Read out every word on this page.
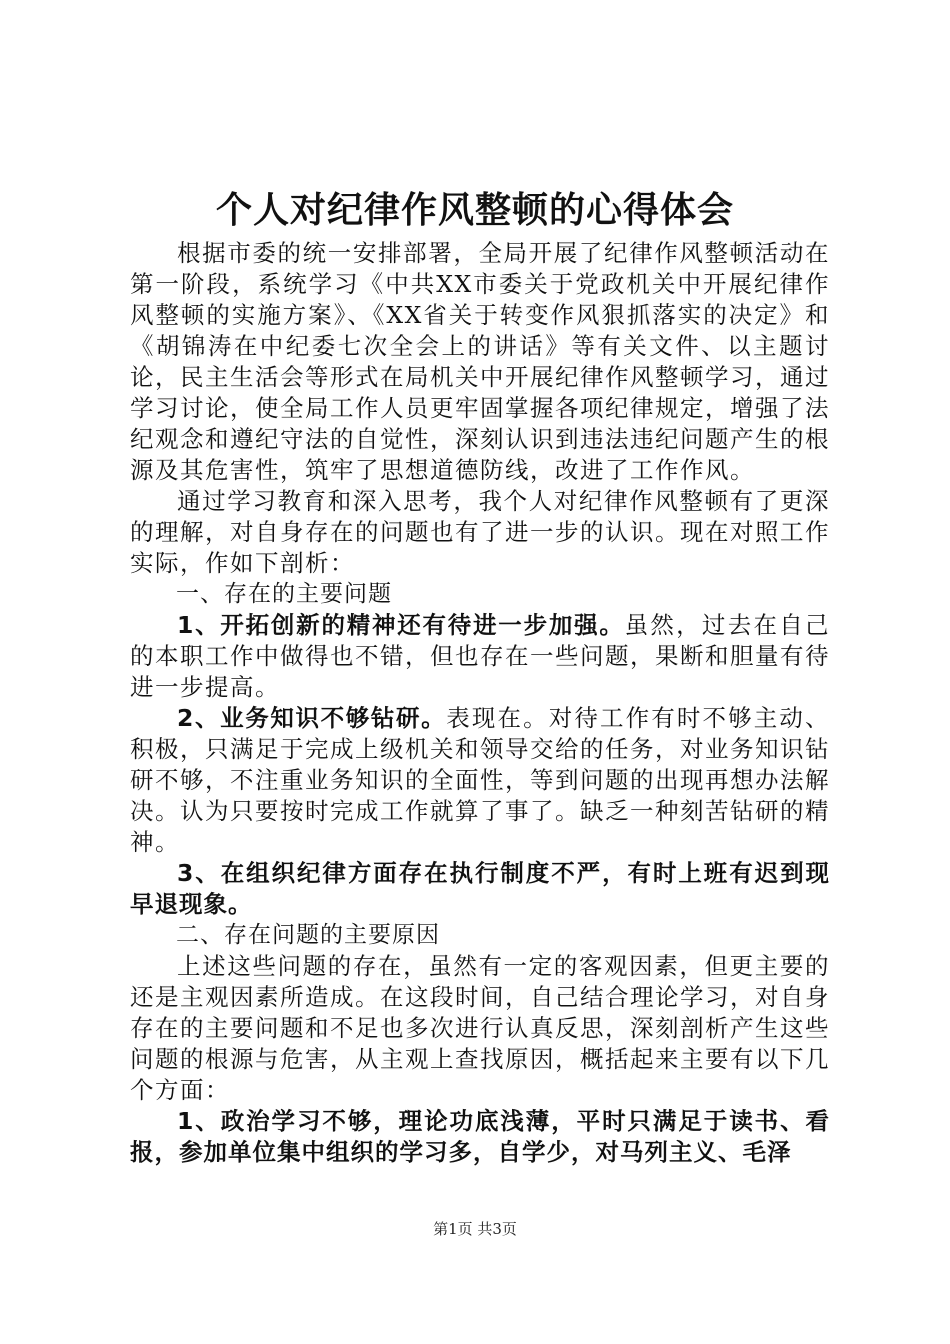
个人对纪律作风整顿的心得体会

根据市委的统一安排部署，全局开展了纪律作风整顿活动在第一阶段，系统学习《中共XX市委关于党政机关中开展纪律作风整顿的实施方案》、《XX省关于转变作风狠抓落实的决定》和《胡锦涛在中纪委七次全会上的讲话》等有关文件、以主题讨论，民主生活会等形式在局机关中开展纪律作风整顿学习，通过学习讨论，使全局工作人员更牢固掌握各项纪律规定，增强了法纪观念和遵纪守法的自觉性，深刻认识到违法违纪问题产生的根源及其危害性，筑牢了思想道德防线，改进了工作作风。

通过学习教育和深入思考，我个人对纪律作风整顿有了更深的理解，对自身存在的问题也有了进一步的认识。现在对照工作实际，作如下剖析：

一、存在的主要问题

1、开拓创新的精神还有待进一步加强。虽然，过去在自己的本职工作中做得也不错，但也存在一些问题，果断和胆量有待进一步提高。

2、业务知识不够钻研。表现在。对待工作有时不够主动、积极，只满足于完成上级机关和领导交给的任务，对业务知识钻研不够，不注重业务知识的全面性，等到问题的出现再想办法解决。认为只要按时完成工作就算了事了。缺乏一种刻苦钻研的精神。

3、在组织纪律方面存在执行制度不严，有时上班有迟到现早退现象。

二、存在问题的主要原因

上述这些问题的存在，虽然有一定的客观因素，但更主要的还是主观因素所造成。在这段时间，自己结合理论学习，对自身存在的主要问题和不足也多次进行认真反思，深刻剖析产生这些问题的根源与危害，从主观上查找原因，概括起来主要有以下几个方面：

1、政治学习不够，理论功底浅薄，平时只满足于读书、看报，参加单位集中组织的学习多，自学少，对马列主义、毛泽

第1页 共3页
